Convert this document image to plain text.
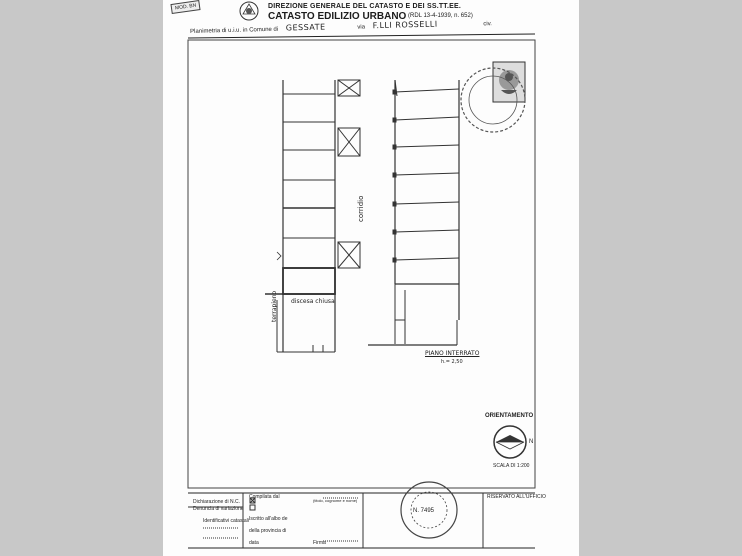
MOD. BN	DIREZIONE GENERALE DEL CATASTO E DEI SS.TT.EE.
CATASTO EDILIZIO URBANO (RDL 13-4-1939, n. 652)
Planimetria di u.i.u. in Comune di GESSATE	via F.LLI ROSSELLI	civ.
corridio
terrapieno discesa chiusa
PIANO INTERRATO
h.= 2,50
ORIENTAMENTO
N
SCALA DI 1:200
Dichiarazione di N.C.
Denuncia di variazione
Identificativi catastali
Compilata dal
(titolo, cognome e nome)
Iscritto all'albo de
della provincia di
data	Firma
RISERVATO ALL'UFFICIO
N. 7495
